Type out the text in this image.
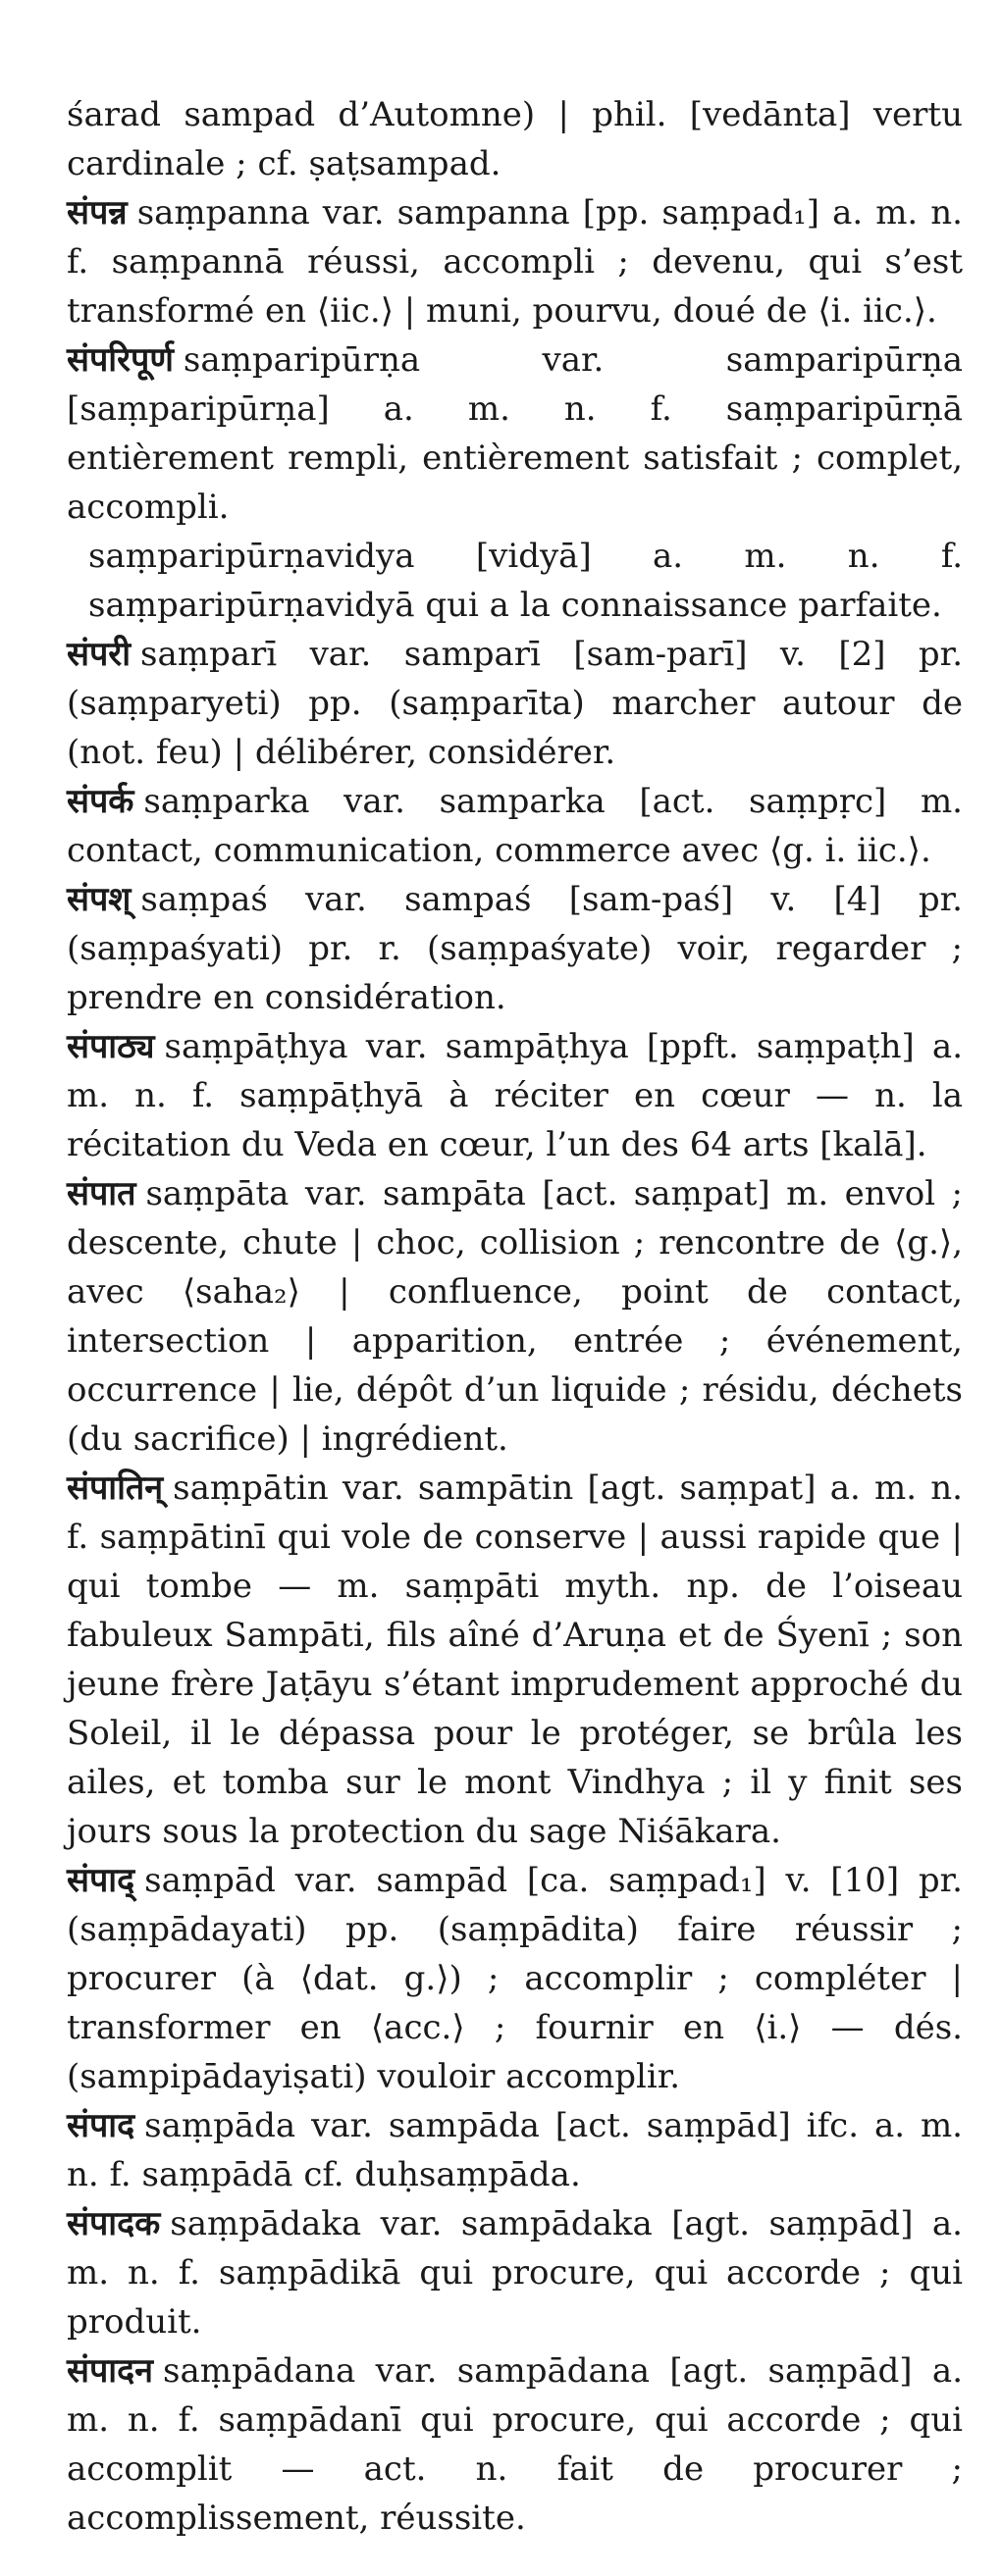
śarad sampad d’Automne) | phil. [vedānta] vertu cardinale ; cf. ṣaṭsampad.

संपन्न saṃpanna var. sampanna [pp. saṃpad₁] a. m. n. f. saṃpannā réussi, accompli ; devenu, qui s’est transformé en ⟨iic.⟩ | muni, pourvu, doué de ⟨i. iic.⟩.

संपरिपूर्ण saṃparipūrṇa var. sampariрūrṇa [saṃparipūrṇa] a. m. n. f. saṃparipūrṇā entièrement rempli, entièrement satisfait ; complet, accompli.

saṃparipūrṇavidya [vidyā] a. m. n. f. saṃparipūrṇavidyā qui a la connaissance parfaite.

संपरी saṃparī var. samparī [sam-parī] v. [2] pr. (saṃparyeti) pp. (saṃparīta) marcher autour de (not. feu) | délibérer, considérer.

संपर्क saṃparka var. samparka [act. saṃpṛc] m. contact, communication, commerce avec ⟨g. i. iic.⟩.

संपश् saṃpaś var. sampaś [sam-paś] v. [4] pr. (saṃpaśyati) pr. r. (saṃpaśyate) voir, regarder ; prendre en considération.

संपाठ्य saṃpāṭhya var. sampāṭhya [ppft. saṃpaṭh] a. m. n. f. saṃpāṭhyā à réciter en cœur — n. la récitation du Veda en cœur, l’un des 64 arts [kalā].

संपात saṃpāta var. sampāta [act. saṃpat] m. envol ; descente, chute | choc, collision ; rencontre de ⟨g.⟩, avec ⟨saha₂⟩ | confluence, point de contact, intersection | apparition, entrée ; événement, occurrence | lie, dépôt d’un liquide ; résidu, déchets (du sacrifice) | ingrédient.

संपातिन् saṃpātin var. sampātin [agt. saṃpat] a. m. n. f. saṃpātinī qui vole de conserve | aussi rapide que | qui tombe — m. saṃpāti myth. np. de l’oiseau fabuleux Sampāti, fils aîné d’Aruṇa et de Śyenī ; son jeune frère Jaṭāyu s’étant imprudement approché du Soleil, il le dépassa pour le protéger, se brûla les ailes, et tomba sur le mont Vindhya ; il y finit ses jours sous la protection du sage Niśākara.

संपाद् saṃpād var. sampād [ca. saṃpad₁] v. [10] pr. (saṃpādayati) pp. (saṃpādita) faire réussir ; procurer (à ⟨dat. g.⟩) ; accomplir ; compléter | transformer en ⟨acc.⟩ ; fournir en ⟨i.⟩ — dés. (sampipādayiṣati) vouloir accomplir.

संपाद saṃpāda var. sampāda [act. saṃpād] ifc. a. m. n. f. saṃpādā cf. duḥsaṃpāda.

संपादक saṃpādaka var. sampādaka [agt. saṃpād] a. m. n. f. saṃpādikā qui procure, qui accorde ; qui produit.

संपादन saṃpādana var. sampādana [agt. saṃpād] a. m. n. f. saṃpādanī qui procure, qui accorde ; qui accomplit — act. n. fait de procurer ; accomplissement, réussite.
